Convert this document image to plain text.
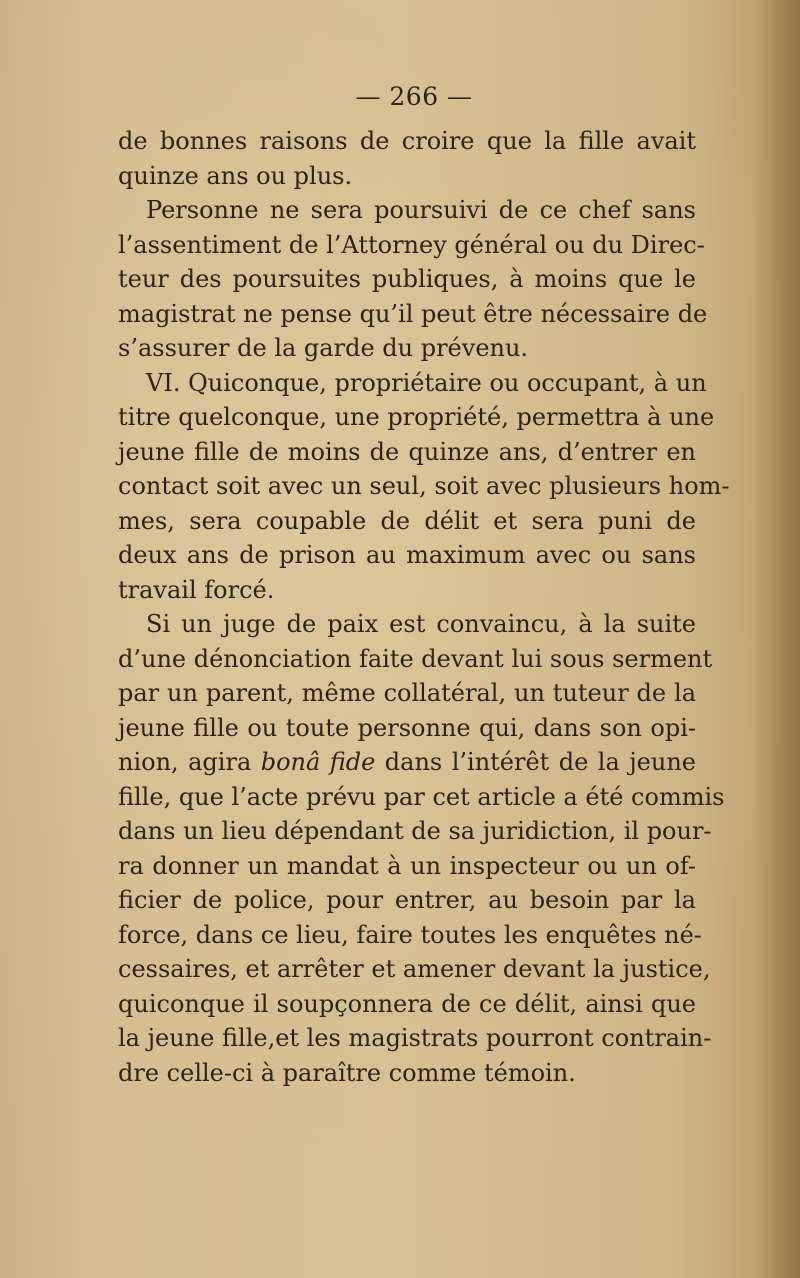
— 266 —
de bonnes raisons de croire que la fille avait
quinze ans ou plus.
Personne ne sera poursuivi de ce chef sans
l’assentiment de l’Attorney général ou du Direc-
teur des poursuites publiques, à moins que le
magistrat ne pense qu’il peut être nécessaire de
s’assurer de la garde du prévenu.
VI. Quiconque, propriétaire ou occupant, à un
titre quelconque, une propriété, permettra à une
jeune fille de moins de quinze ans, d’entrer en
contact soit avec un seul, soit avec plusieurs hom-
mes, sera coupable de délit et sera puni de
deux ans de prison au maximum avec ou sans
travail forcé.
Si un juge de paix est convaincu, à la suite
d’une dénonciation faite devant lui sous serment
par un parent, même collatéral, un tuteur de la
jeune fille ou toute personne qui, dans son opi-
nion, agira bonâ fide dans l’intérêt de la jeune
fille, que l’acte prévu par cet article a été commis
dans un lieu dépendant de sa juridiction, il pour-
ra donner un mandat à un inspecteur ou un of-
ficier de police, pour entrer, au besoin par la
force, dans ce lieu, faire toutes les enquêtes né-
cessaires, et arrêter et amener devant la justice,
quiconque il soupçonnera de ce délit, ainsi que
la jeune fille,et les magistrats pourront contrain-
dre celle-ci à paraître comme témoin.
